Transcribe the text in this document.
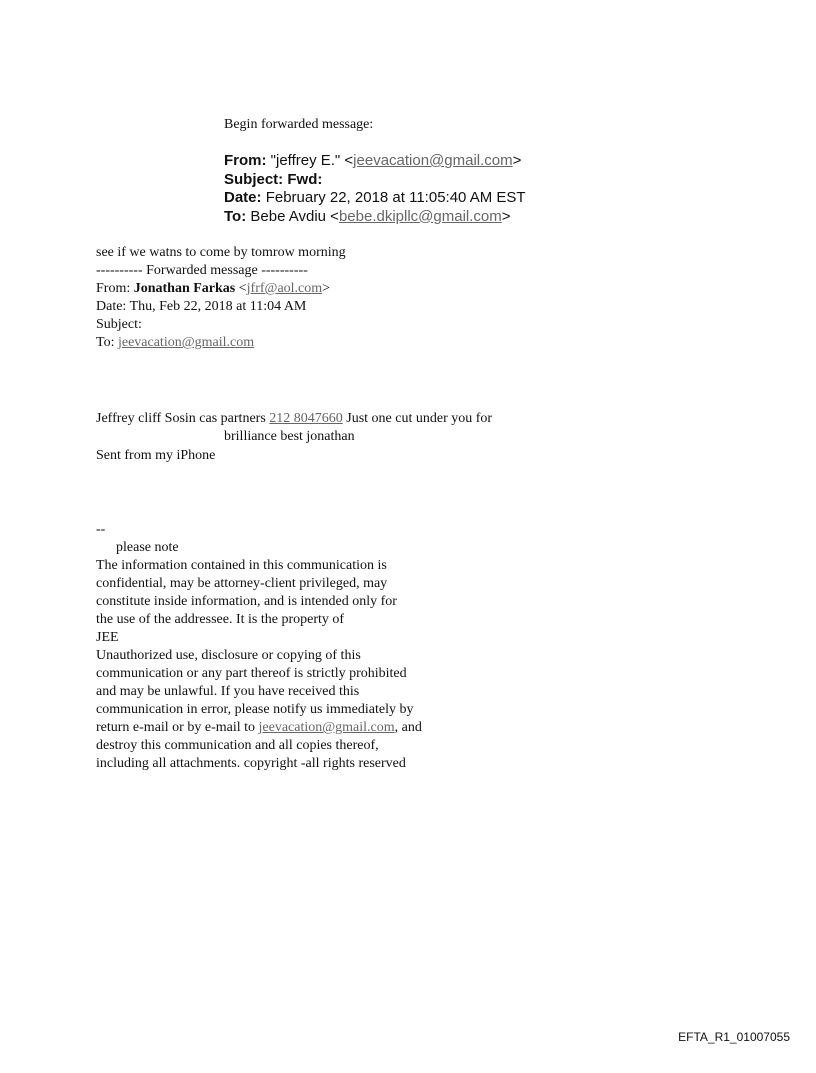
Begin forwarded message:
From: "jeffrey E." <jeevacation@gmail.com>
Subject: Fwd:
Date: February 22, 2018 at 11:05:40 AM EST
To: Bebe Avdiu <bebe.dkipllc@gmail.com>
see if we watns to come by tomrow morning
---------- Forwarded message ----------
From: Jonathan Farkas <jfrf@aol.com>
Date: Thu, Feb 22, 2018 at 11:04 AM
Subject:
To: jeevacation@gmail.com
Jeffrey cliff Sosin cas partners 212 8047660 Just one cut under you for
brilliance best jonathan
Sent from my iPhone
--
please note
The information contained in this communication is
confidential, may be attorney-client privileged, may
constitute inside information, and is intended only for
the use of the addressee. It is the property of
JEE
Unauthorized use, disclosure or copying of this
communication or any part thereof is strictly prohibited
and may be unlawful. If you have received this
communication in error, please notify us immediately by
return e-mail or by e-mail to jeevacation@gmail.com, and
destroy this communication and all copies thereof,
including all attachments. copyright -all rights reserved
EFTA_R1_01007055
